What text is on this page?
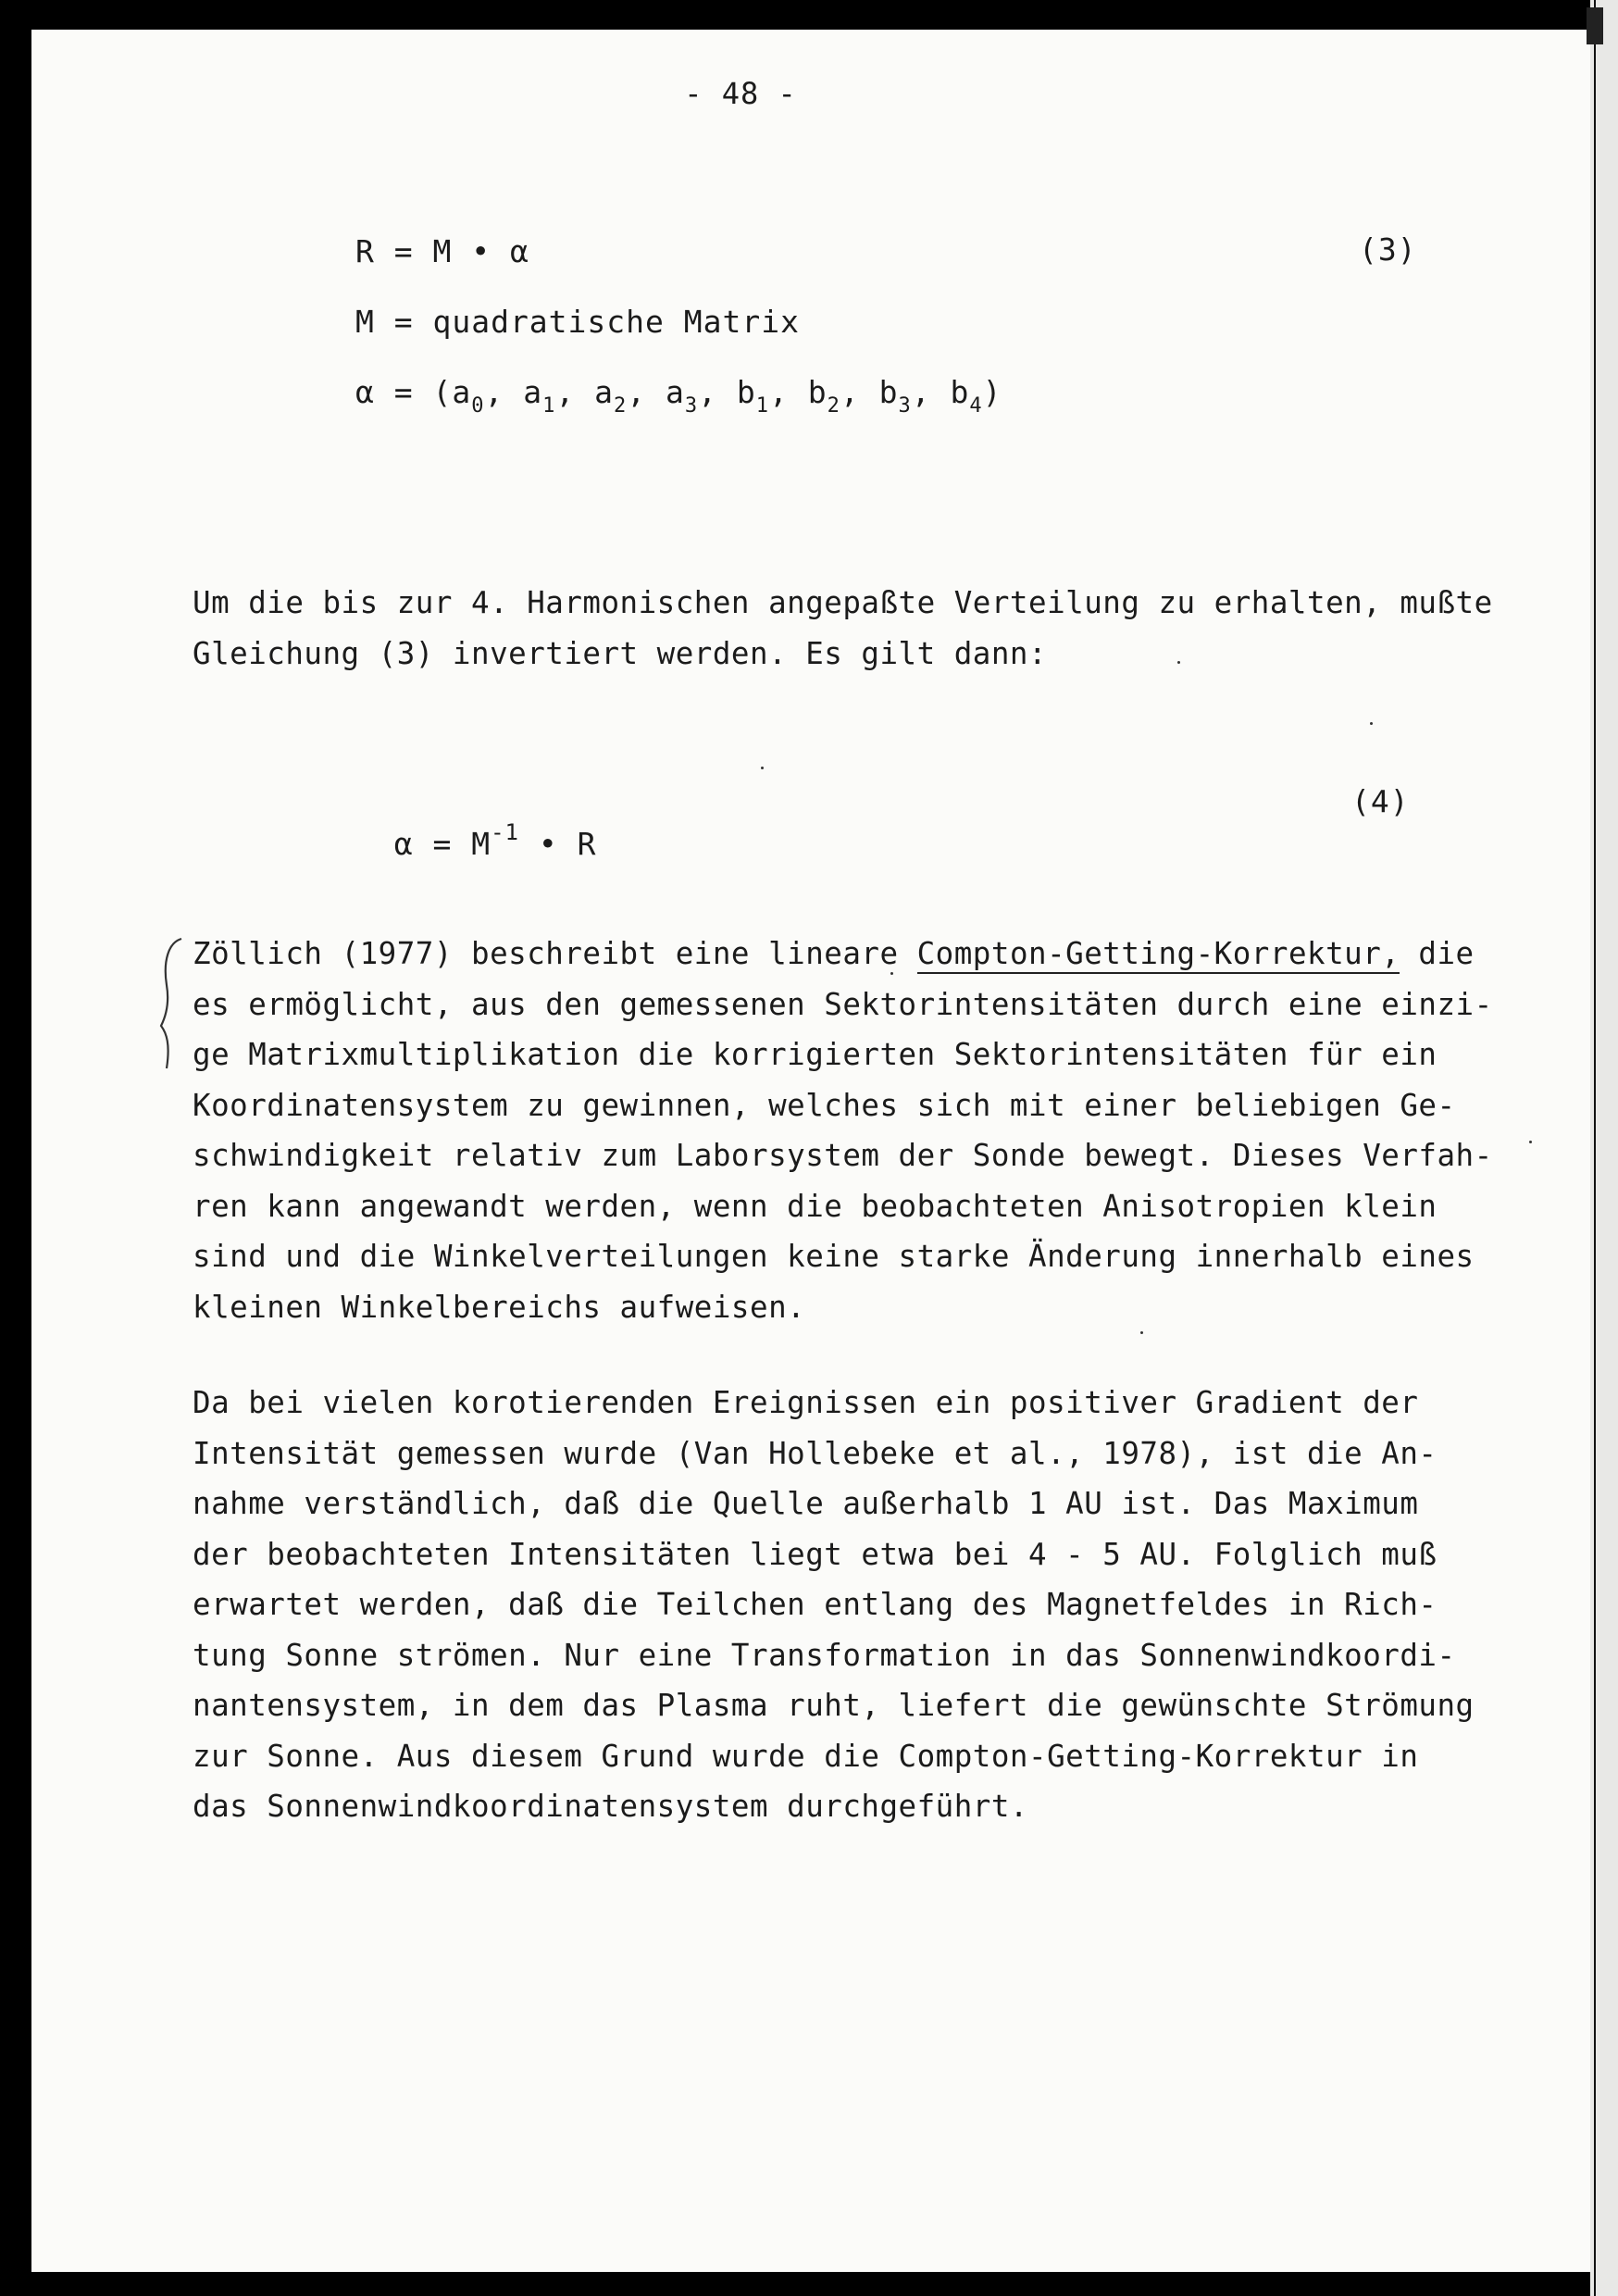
- 48 -
R = M • α	(3)
M = quadratische Matrix
$\alpha = (a_0$, $a_1$, $a_2$, $a_3$, $b_1$, $b_2$, $b_3$, $b_4$)
Um die bis zur 4. Harmonischen angepaßte Verteilung zu erhalten, mußte
Gleichung (3) invertiert werden. Es gilt dann:

$\alpha = M^{-1}$ • R

(4)
Zöllich (1977) beschreibt eine lineare Compton-Getting-Korrektur, die
es ermöglicht, aus den gemessenen Sektorintensitäten durch eine einzi-
ge Matrixmultiplikation die korrigierten Sektorintensitäten für ein
Koordinatensystem zu gewinnen, welches sich mit einer beliebigen Ge-
schwindigkeit relativ zum Laborsystem der Sonde bewegt. Dieses Verfah-
ren kann angewandt werden, wenn die beobachteten Anisotropien klein
sind und die Winkelverteilungen keine starke Änderung innerhalb eines
kleinen Winkelbereichs aufweisen.
Da bei vielen korotierenden Ereignissen ein positiver Gradient der
Intensität gemessen wurde (Van Hollebeke et al., 1978), ist die An-
nahme verständlich, daß die Quelle außerhalb 1 AU ist. Das Maximum
der beobachteten Intensitäten liegt etwa bei 4 - 5 AU. Folglich muß
erwartet werden, daß die Teilchen entlang des Magnetfeldes in Rich-
tung Sonne strömen. Nur eine Transformation in das Sonnenwindkoordi-
nantensystem, in dem das Plasma ruht, liefert die gewünschte Strömung
zur Sonne. Aus diesem Grund wurde die Compton-Getting-Korrektur in
das Sonnenwindkoordinatensystem durchgeführt.
